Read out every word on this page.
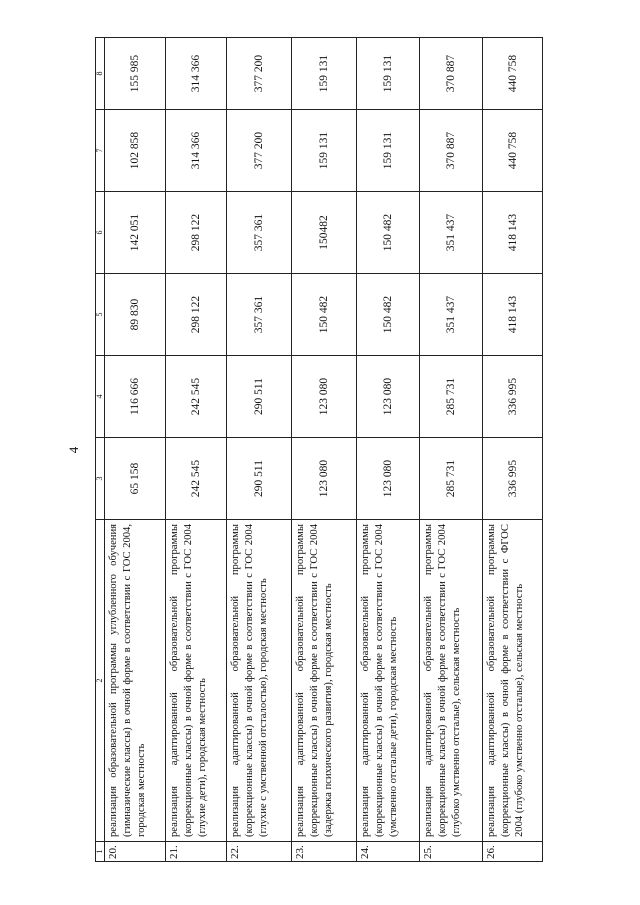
4
1	2	3	4	5	6	7	8
20.	реализация образовательной программы углубленного обучения (гимназические классы) в очной форме в соответствии с ГОС 2004, городская местность	65 158	116 666	89 830	142 051	102 858	155 985
21.	реализация адаптированной образовательной программы (коррекционные классы) в очной форме в соответствии с ГОС 2004 (глухие дети), городская местность	242 545	242 545	298 122	298 122	314 366	314 366
22.	реализация адаптированной образовательной программы (коррекционные классы) в очной форме в соответствии с ГОС 2004 (глухие с умственной отсталостью), городская местность	290 511	290 511	357 361	357 361	377 200	377 200
23.	реализация адаптированной образовательной программы (коррекционные классы) в очной форме в соответствии с ГОС 2004 (задержка психического развития), городская местность	123 080	123 080	150 482	150482	159 131	159 131
24.	реализация адаптированной образовательной программы (коррекционные классы) в очной форме в соответствии с ГОС 2004 (умственно отсталые дети), городская местность	123 080	123 080	150 482	150 482	159 131	159 131
25.	реализация адаптированной образовательной программы (коррекционные классы) в очной форме в соответствии с ГОС 2004 (глубоко умственно отсталые), сельская местность	285 731	285 731	351 437	351 437	370 887	370 887
26.	реализация адаптированной образовательной программы (коррекционные классы) в очной форме в соответствии с ФГОС 2004 (глубоко умственно отсталые), сельская местность	336 995	336 995	418 143	418 143	440 758	440 758
